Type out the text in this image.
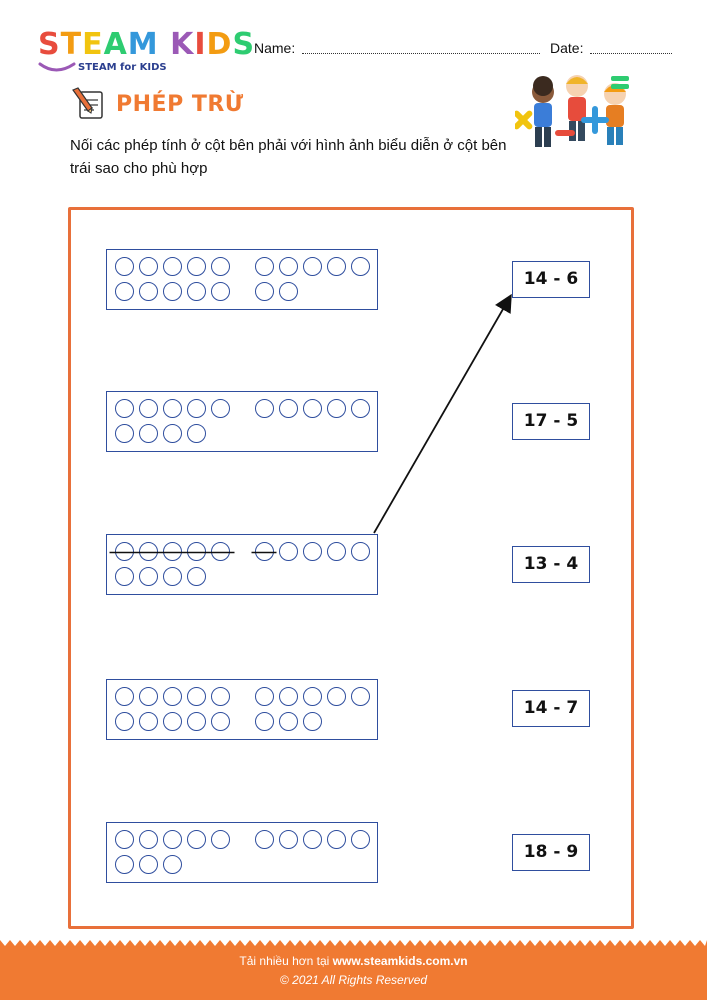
STEAM KIDS
STEAM for KIDS
Name:	Date:
PHÉP TRỪ
Nối các phép tính ở cột bên phải với hình ảnh biểu diễn ở cột bên trái sao cho phù hợp
14 - 6
17 - 5
13 - 4
14 - 7
18 - 9
Tải nhiều hơn tại www.steamkids.com.vn
© 2021 All Rights Reserved
